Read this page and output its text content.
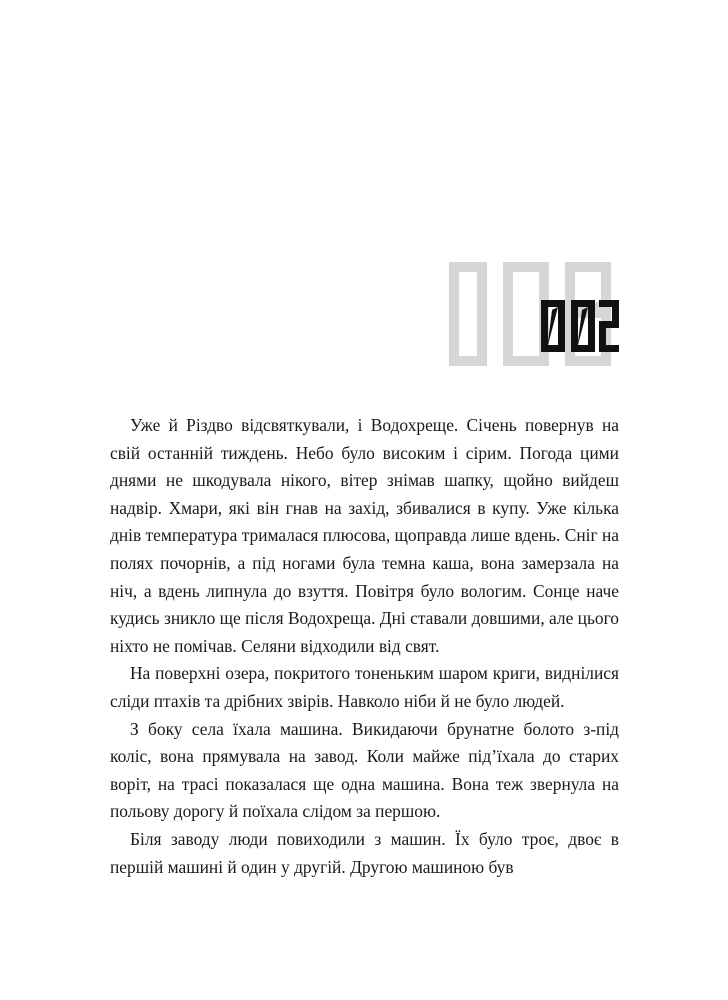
Уже й Різдво відсвяткували, і Водохреще. Січень повернув на свій останній тиждень. Небо було високим і сірим. Погода цими днями не шкодувала нікого, вітер знімав шапку, щойно вийдеш надвір. Хмари, які він гнав на захід, збивалися в купу. Уже кілька днів температура трималася плюсова, щоправда лише вдень. Сніг на полях почорнів, а під ногами була темна каша, вона замерзала на ніч, а вдень липнула до взуття. Повітря було вологим. Сонце наче кудись зникло ще після Водохреща. Дні ставали довшими, але цього ніхто не помічав. Селяни відходили від свят.

На поверхні озера, покритого тоненьким шаром криги, виднілися сліди птахів та дрібних звірів. Навколо ніби й не було людей.

З боку села їхала машина. Викидаючи брунатне болото з-під коліс, вона прямувала на завод. Коли майже під’їхала до старих воріт, на трасі показалася ще одна машина. Вона теж звернула на польову дорогу й поїхала слідом за першою.

Біля заводу люди повиходили з машин. Їх було троє, двоє в першій машині й один у другій. Другою машиною був
